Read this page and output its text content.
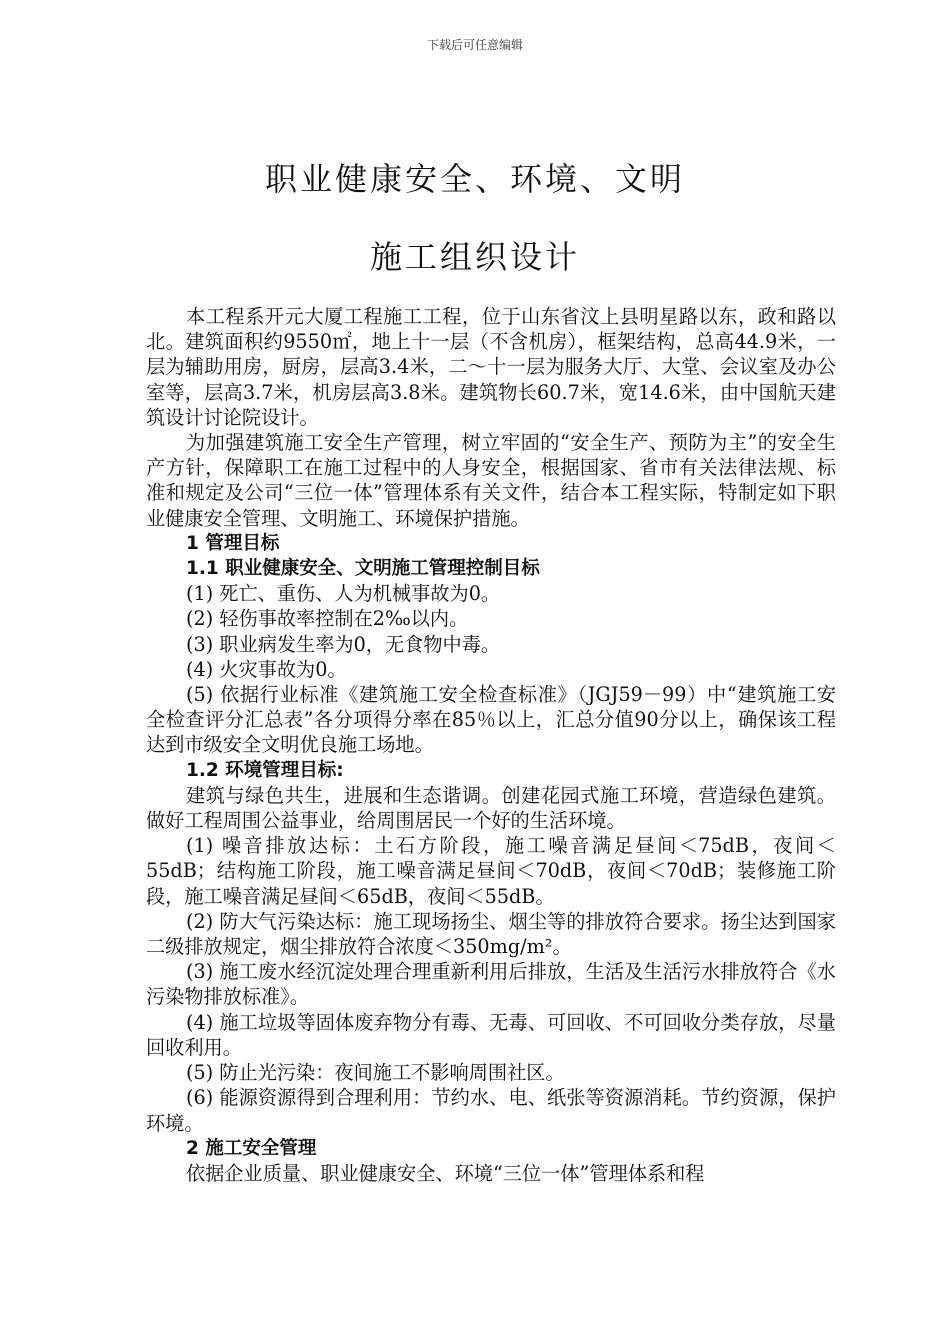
下载后可任意编辑
职业健康安全、环境、文明
施工组织设计

本工程系开元大厦工程施工工程，位于山东省汶上县明星路以东，政和路以北。建筑面积约9550㎡，地上十一层（不含机房），框架结构，总高44.9米，一层为辅助用房，厨房，层高3.4米，二～十一层为服务大厅、大堂、会议室及办公室等，层高3.7米，机房层高3.8米。建筑物长60.7米，宽14.6米，由中国航天建筑设计讨论院设计。

为加强建筑施工安全生产管理，树立牢固的“安全生产、预防为主”的安全生产方针，保障职工在施工过程中的人身安全，根据国家、省市有关法律法规、标准和规定及公司“三位一体”管理体系有关文件，结合本工程实际，特制定如下职业健康安全管理、文明施工、环境保护措施。

1 管理目标

1.1 职业健康安全、文明施工管理控制目标

(1) 死亡、重伤、人为机械事故为0。

(2) 轻伤事故率控制在2‰以内。

(3) 职业病发生率为0，无食物中毒。

(4) 火灾事故为0。

(5) 依据行业标准《建筑施工安全检查标准》（JGJ59－99）中“建筑施工安全检查评分汇总表”各分项得分率在85％以上，汇总分值90分以上，确保该工程达到市级安全文明优良施工场地。

1.2 环境管理目标:

建筑与绿色共生，进展和生态谐调。创建花园式施工环境，营造绿色建筑。做好工程周围公益事业，给周围居民一个好的生活环境。

(1) 噪音排放达标：土石方阶段，施工噪音满足昼间＜75dB，夜间＜55dB；结构施工阶段，施工噪音满足昼间＜70dB，夜间＜70dB；装修施工阶段，施工噪音满足昼间＜65dB，夜间＜55dB。

(2) 防大气污染达标：施工现场扬尘、烟尘等的排放符合要求。扬尘达到国家二级排放规定，烟尘排放符合浓度＜350mg/m²。

(3) 施工废水经沉淀处理合理重新利用后排放，生活及生活污水排放符合《水污染物排放标准》。

(4) 施工垃圾等固体废弃物分有毒、无毒、可回收、不可回收分类存放，尽量回收利用。

(5) 防止光污染：夜间施工不影响周围社区。

(6) 能源资源得到合理利用：节约水、电、纸张等资源消耗。节约资源，保护环境。

2 施工安全管理

依据企业质量、职业健康安全、环境“三位一体”管理体系和程
